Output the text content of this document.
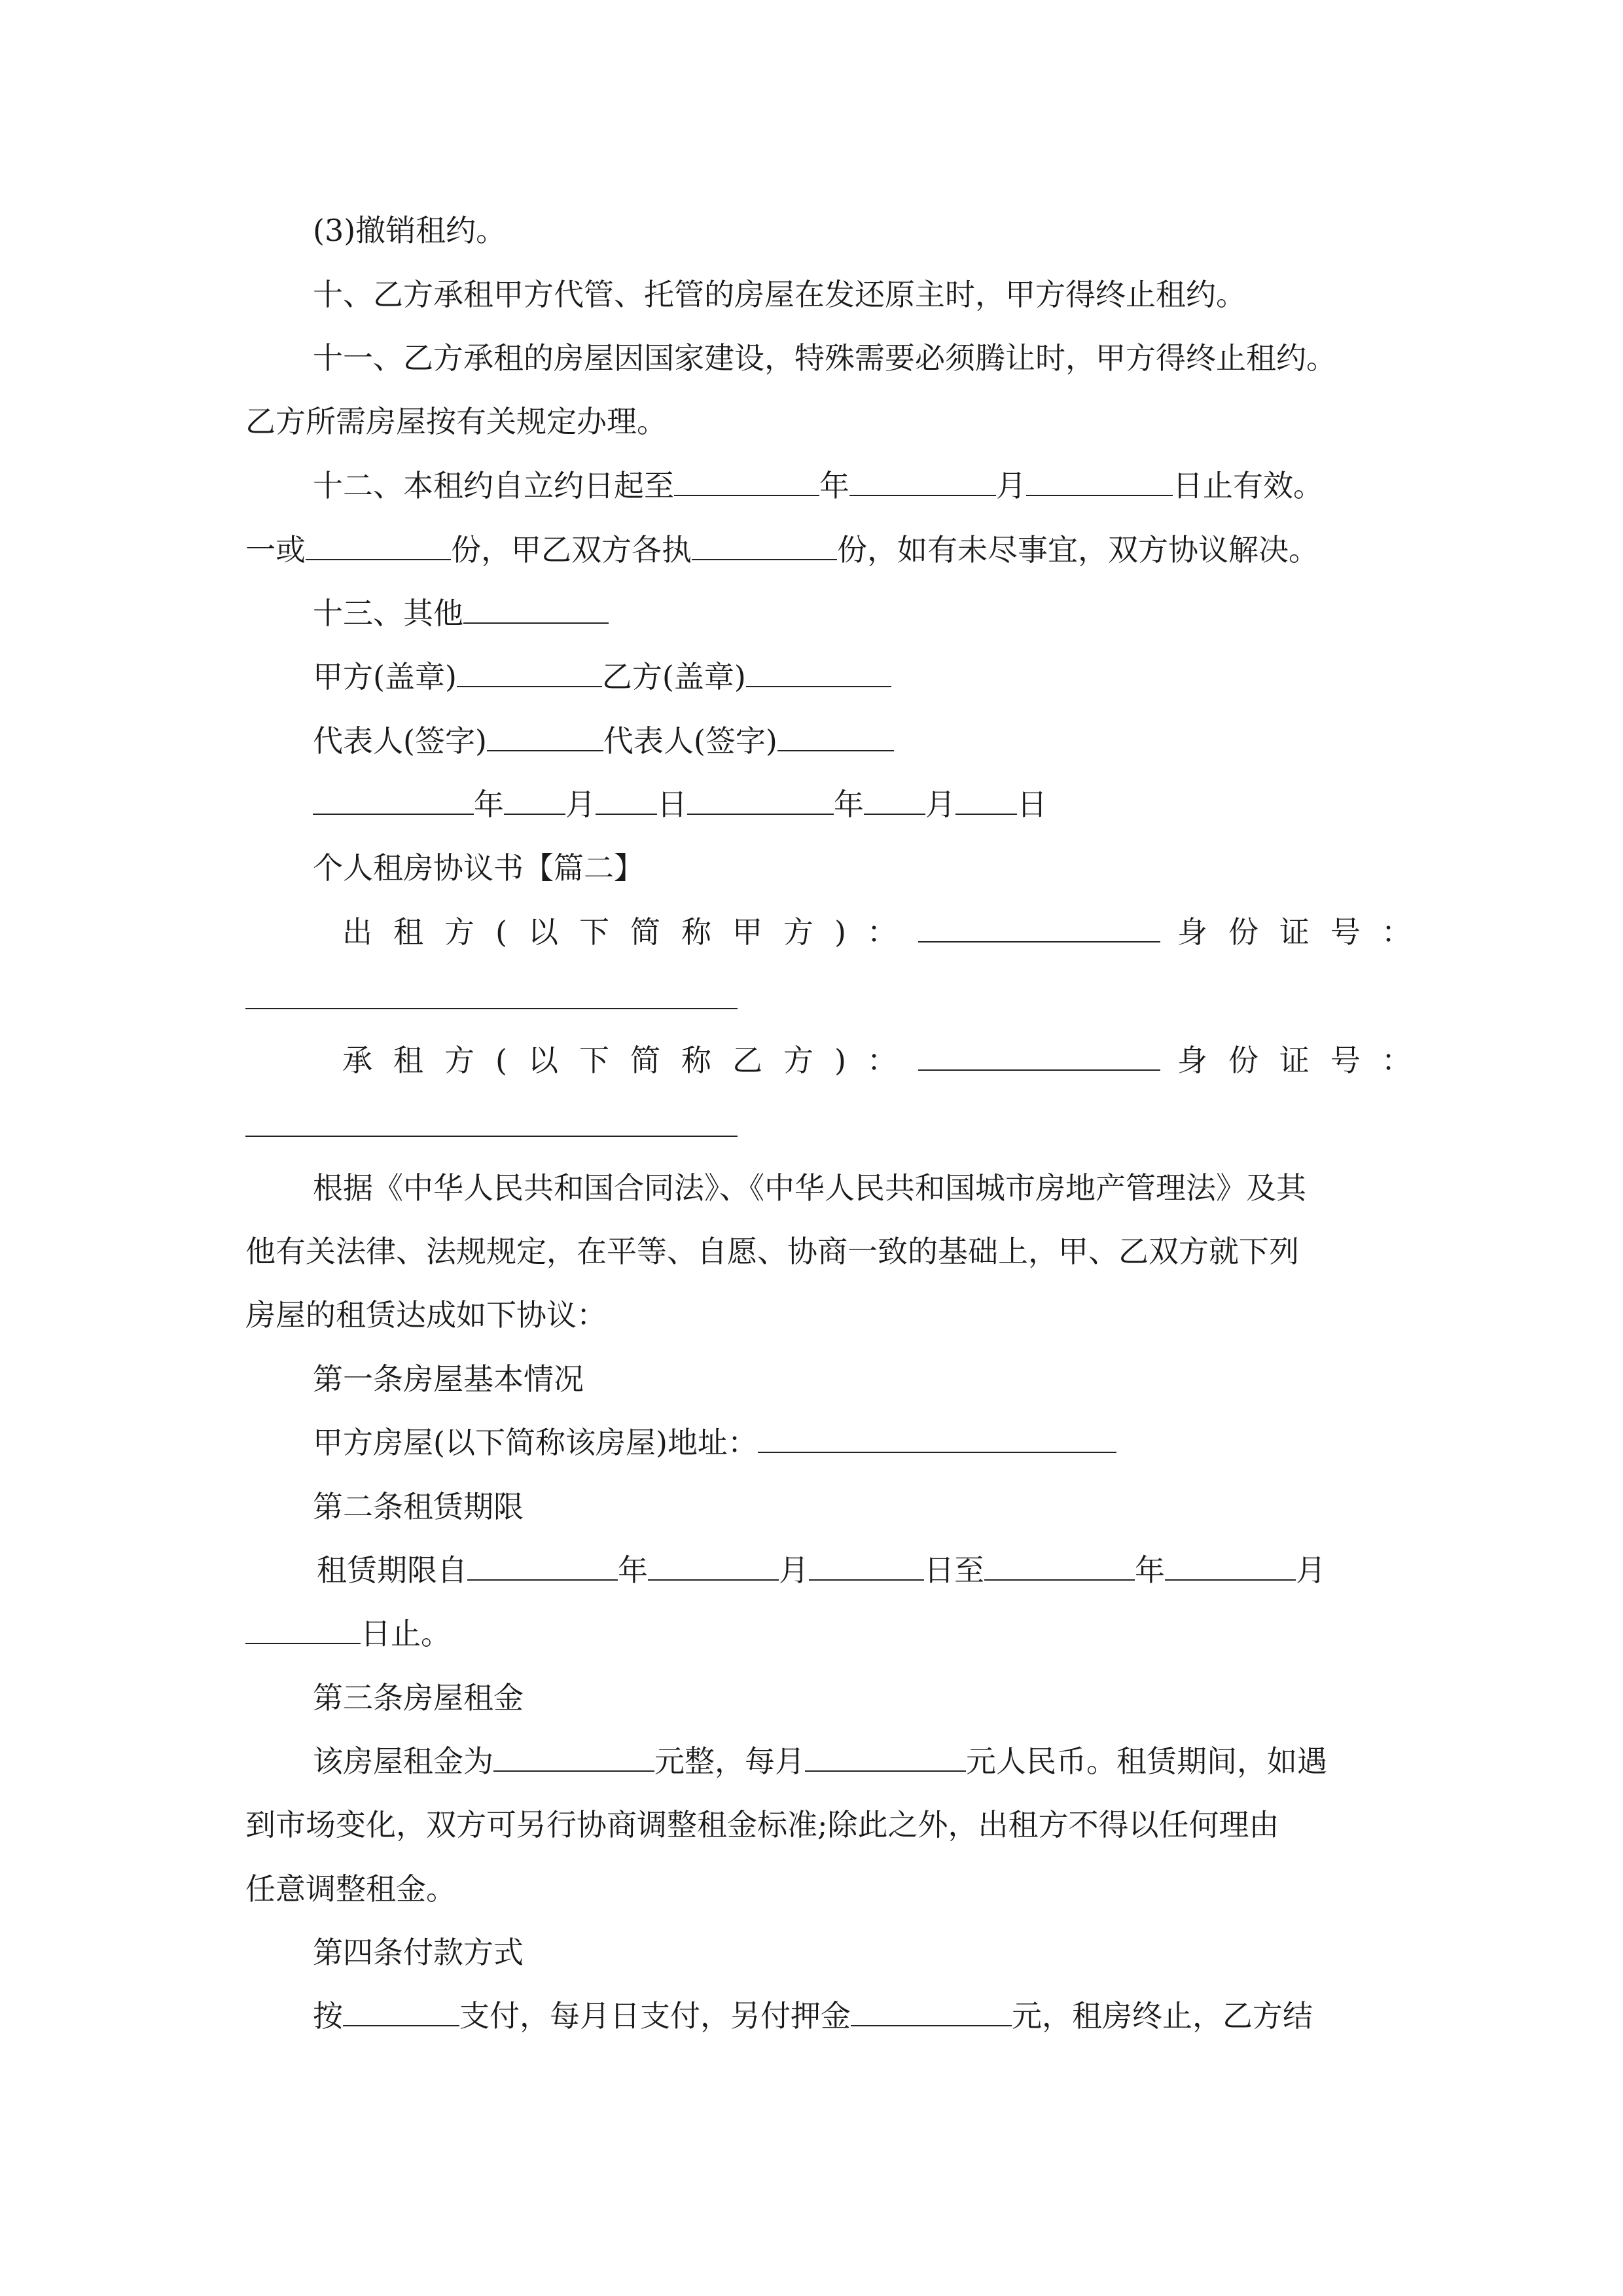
(3)撤销租约。
十、乙方承租甲方代管、托管的房屋在发还原主时，甲方得终止租约。
十一、乙方承租的房屋因国家建设，特殊需要必须腾让时，甲方得终止租约。
乙方所需房屋按有关规定办理。
十二、本租约自立约日起至	年	月	日止有效。
一或	份，甲乙双方各执	份，如有未尽事宜，双方协议解决。
十三、其他
甲方(盖章)	乙方(盖章)
代表人(签字)	代表人(签字)
年 月 日	年 月 日
个人租房协议书【篇二】
出租方(以下简称甲方)：	身份证号：
承租方(以下简称乙方)：	身份证号：
根据《中华人民共和国合同法》、《中华人民共和国城市房地产管理法》及其
他有关法律、法规规定，在平等、自愿、协商一致的基础上，甲、乙双方就下列
房屋的租赁达成如下协议：
第一条房屋基本情况
甲方房屋(以下简称该房屋)地址：
第二条租赁期限
租赁期限自	年	月	日至	年	月
日止。
第三条房屋租金
该房屋租金为	元整，每月	元人民币。租赁期间，如遇
到市场变化，双方可另行协商调整租金标准;除此之外，出租方不得以任何理由
任意调整租金。
第四条付款方式
按	支付，每月日支付，另付押金	元，租房终止，乙方结
